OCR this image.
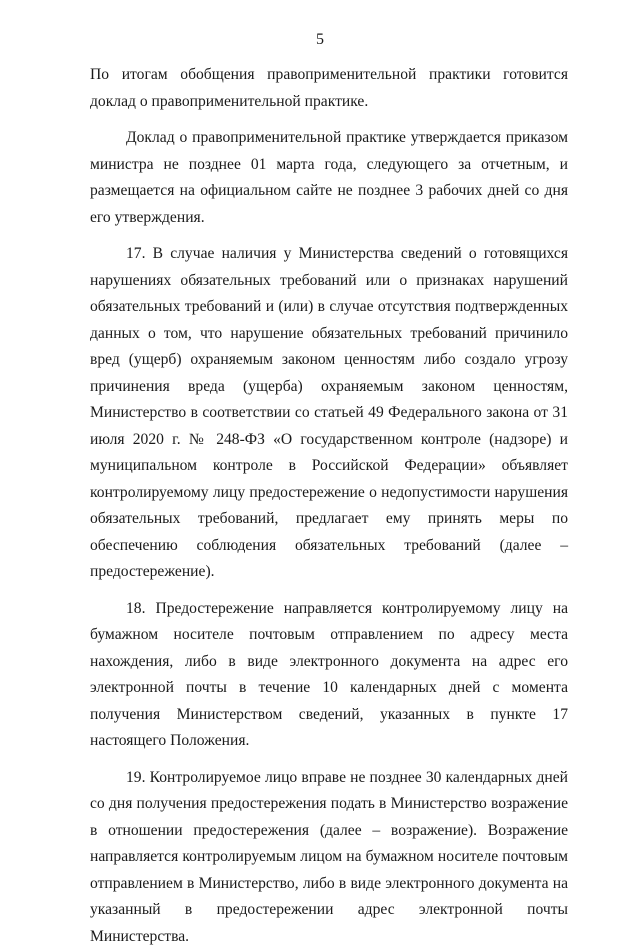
5

По итогам обобщения правоприменительной практики готовится доклад о правоприменительной практике.

Доклад о правоприменительной практике утверждается приказом министра не позднее 01 марта года, следующего за отчетным, и размещается на официальном сайте не позднее 3 рабочих дней со дня его утверждения.

17. В случае наличия у Министерства сведений о готовящихся нарушениях обязательных требований или о признаках нарушений обязательных требований и (или) в случае отсутствия подтвержденных данных о том, что нарушение обязательных требований причинило вред (ущерб) охраняемым законом ценностям либо создало угрозу причинения вреда (ущерба) охраняемым законом ценностям, Министерство в соответствии со статьей 49 Федерального закона от 31 июля 2020 г. № 248-ФЗ «О государственном контроле (надзоре) и муниципальном контроле в Российской Федерации» объявляет контролируемому лицу предостережение о недопустимости нарушения обязательных требований, предлагает ему принять меры по обеспечению соблюдения обязательных требований (далее – предостережение).

18. Предостережение направляется контролируемому лицу на бумажном носителе почтовым отправлением по адресу места нахождения, либо в виде электронного документа на адрес его электронной почты в течение 10 календарных дней с момента получения Министерством сведений, указанных в пункте 17 настоящего Положения.

19. Контролируемое лицо вправе не позднее 30 календарных дней со дня получения предостережения подать в Министерство возражение в отношении предостережения (далее – возражение). Возражение направляется контролируемым лицом на бумажном носителе почтовым отправлением в Министерство, либо в виде электронного документа на указанный в предостережении адрес электронной почты Министерства.
